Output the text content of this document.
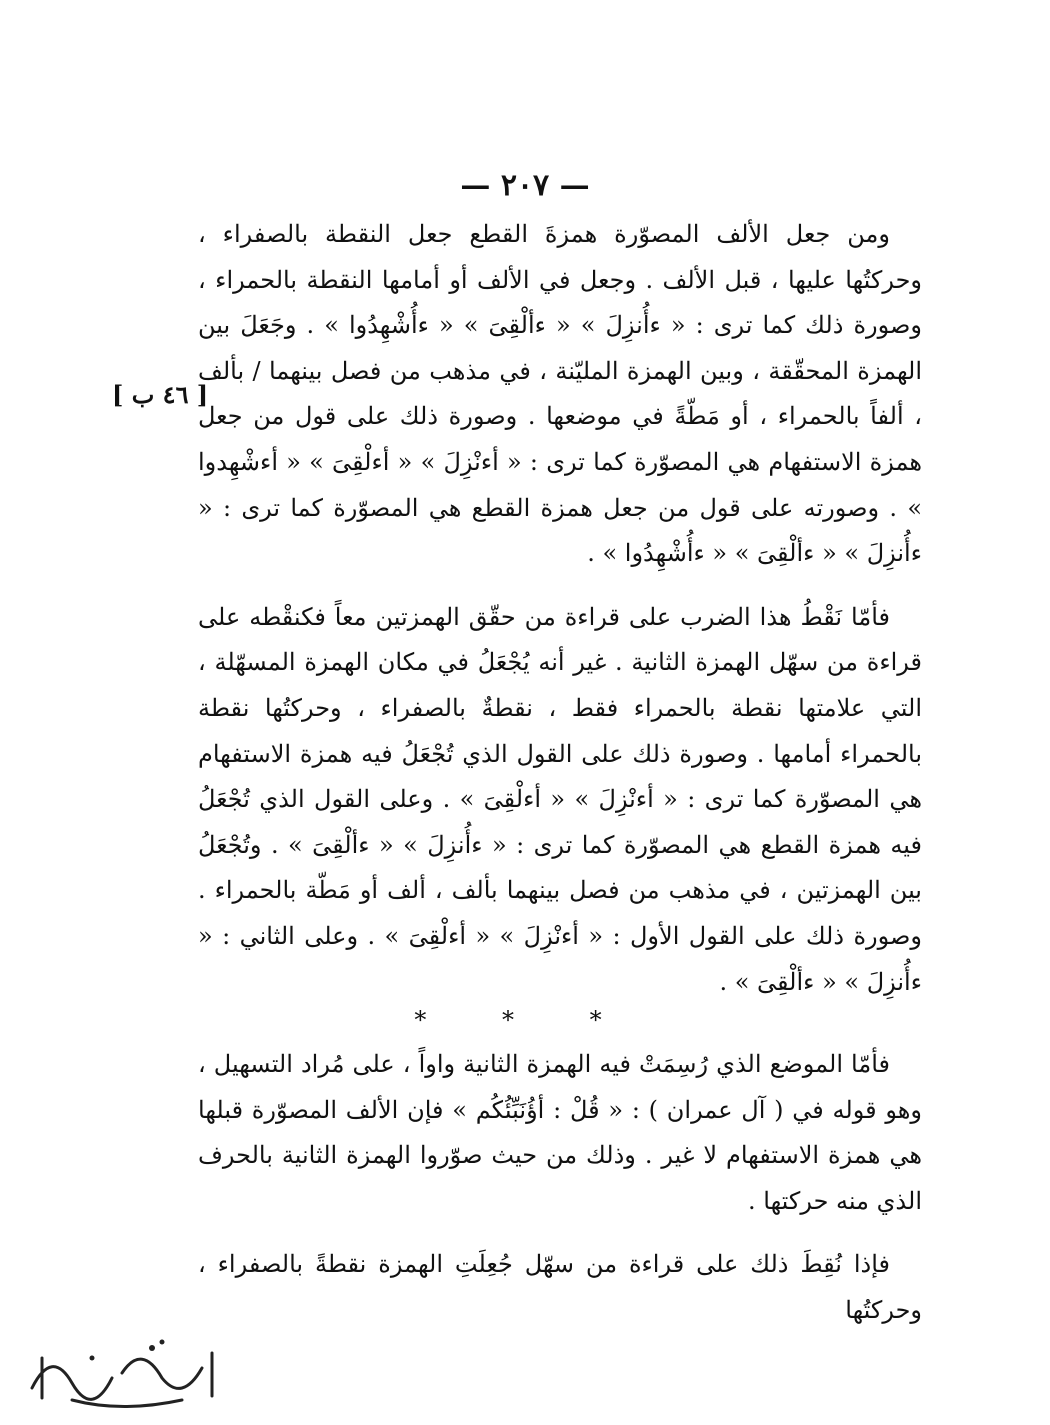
— ٢٠٧ —
[ ٤٦ ب ]

ومن جعل الألف المصوّرة همزةَ القطع جعل النقطة بالصفراء ، وحركتُها عليها ، قبل الألف . وجعل في الألف أو أمامها النقطة بالحمراء ، وصورة ذلك كما ترى : « ءأُنزِلَ » « ءألْقِىَ » « ءأُشْهِدُوا » . وجَعَلَ بين الهمزة المحقّقة ، وبين الهمزة المليّنة ، في مذهب من فصل بينهما / بألف ، ألفاً بالحمراء ، أو مَطّةً في موضعها . وصورة ذلك على قول من جعل همزة الاستفهام هي المصوّرة كما ترى : « أءنْزِلَ » « أءلْقِىَ » « أءشْهِدوا » . وصورته على قول من جعل همزة القطع هي المصوّرة كما ترى : « ءأُنزِلَ » « ءألْقِىَ » « ءأُشْهِدُوا » .

فأمّا نَقْطُ هذا الضرب على قراءة من حقّق الهمزتين معاً فكنقْطه على قراءة من سهّل الهمزة الثانية . غير أنه يُجْعَلُ في مكان الهمزة المسهّلة ، التي علامتها نقطة بالحمراء فقط ، نقطةٌ بالصفراء ، وحركتُها نقطة بالحمراء أمامها . وصورة ذلك على القول الذي تُجْعَلُ فيه همزة الاستفهام هي المصوّرة كما ترى : « أءنْزِلَ » « أءلْقِىَ » . وعلى القول الذي تُجْعَلُ فيه همزة القطع هي المصوّرة كما ترى : « ءأُنزِلَ » « ءألْقِىَ » . وتُجْعَلُ بين الهمزتين ، في مذهب من فصل بينهما بألف ، ألف أو مَطّة بالحمراء . وصورة ذلك على القول الأول : « أءنْزِلَ » « أءلْقِىَ » . وعلى الثاني : « ءأُنزِلَ » « ءألْقِىَ » .

* * *

فأمّا الموضع الذي رُسِمَتْ فيه الهمزة الثانية واواً ، على مُراد التسهيل ، وهو قوله في ( آل عمران ) : « قُلْ : أؤُنَبِّئُكُم » فإن الألف المصوّرة قبلها هي همزة الاستفهام لا غير . وذلك من حيث صوّروا الهمزة الثانية بالحرف الذي منه حركتها .

فإذا نُقِطَ ذلك على قراءة من سهّل جُعِلَتِ الهمزة نقطةً بالصفراء ، وحركتُها
